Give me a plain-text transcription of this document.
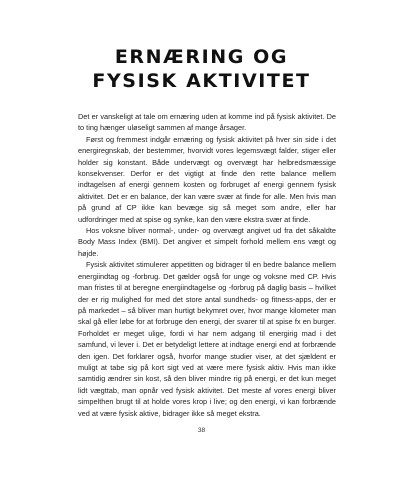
ERNÆRING OG
FYSISK AKTIVITET

Det er vanskeligt at tale om ernæring uden at komme ind på fysisk aktivitet. De to ting hænger uløseligt sammen af mange årsager.

Først og fremmest indgår ernæring og fysisk aktivitet på hver sin side i det energiregnskab, der bestemmer, hvorvidt vores legemsvægt falder, stiger eller holder sig konstant. Både undervægt og overvægt har helbredsmæssige konsekvenser. Derfor er det vigtigt at finde den rette balance mellem indtagelsen af energi gennem kosten og forbruget af energi gennem fysisk aktivitet. Det er en balance, der kan være svær at finde for alle. Men hvis man på grund af CP ikke kan bevæge sig så meget som andre, eller har udfordringer med at spise og synke, kan den være ekstra svær at finde.

Hos voksne bliver normal-, under- og overvægt angivet ud fra det såkaldte Body Mass Index (BMI). Det angiver et simpelt forhold mellem ens vægt og højde.

Fysisk aktivitet stimulerer appetitten og bidrager til en bedre balance mellem energiindtag og -forbrug. Det gælder også for unge og voksne med CP. Hvis man fristes til at beregne energiindtagelse og -forbrug på daglig basis – hvilket der er rig mulighed for med det store antal sundheds- og fitness-apps, der er på markedet – så bliver man hurtigt bekymret over, hvor mange kilometer man skal gå eller løbe for at forbruge den energi, der svarer til at spise fx en burger. Forholdet er meget ulige, fordi vi har nem adgang til energirig mad i det samfund, vi lever i. Det er betydeligt lettere at indtage energi end at forbrænde den igen. Det forklarer også, hvorfor mange studier viser, at det sjældent er muligt at tabe sig på kort sigt ved at være mere fysisk aktiv. Hvis man ikke samtidig ændrer sin kost, så den bliver mindre rig på energi, er det kun meget lidt vægttab, man opnår ved fysisk aktivitet. Det meste af vores energi bliver simpelthen brugt til at holde vores krop i live; og den energi, vi kan forbrænde ved at være fysisk aktive, bidrager ikke så meget ekstra.

38
